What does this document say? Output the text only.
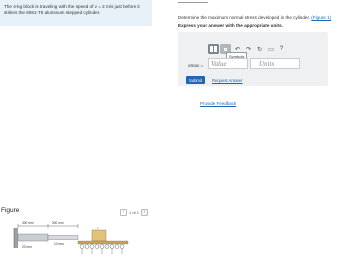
The 4-kg block is traveling with the speed of v = 2 m/s just before it
strikes the 6061-T6 aluminum stepped cylinder.
Figure	‹ 1 of 1 ›
300 mm	300 mm
20 mm
10 mm
v
Determine the maximum normal stress developed in the cylinder. (Figure 1)
Express your answer with the appropriate units.
↶ ↷ ↻ ▭ ?
Symbols
σmax = Value	Units
Submit	Request Answer
Provide Feedback
